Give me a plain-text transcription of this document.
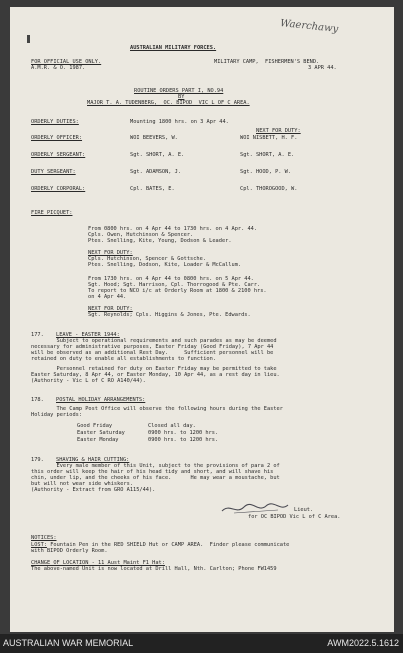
Waerchawy
AUSTRALIAN MILITARY FORCES.
FOR OFFICIAL USE ONLY.
A.M.R. & O. 1987.
MILITARY CAMP,  FISHERMEN'S BEND.
3 APR 44.
ROUTINE ORDERS PART I, NO.94
BY
MAJOR T. A. TUDENBERG,  OC. BIPOD  VIC L OF C AREA.
ORDERLY DUTIES:	Mounting 1800 hrs. on 3 Apr 44.
NEXT FOR DUTY:
ORDERLY OFFICER:	WOI BEEVERS, W.	WOI NISBETT, H. F.
ORDERLY SERGEANT:	Sgt. SHORT, A. E.	Sgt. SHORT, A. E.
DUTY SERGEANT:	Sgt. ADAMSON, J.	Sgt. HOOD, P. W.
ORDERLY CORPORAL:	Cpl. BATES, E.	Cpl. THOROGOOD, W.
FIRE PICQUET:
From 0800 hrs. on 4 Apr 44 to 1730 hrs. on 4 Apr. 44.
Cpls. Owen, Hutchinson & Spencer.
Ptes. Snelling, Kite, Young, Dodson & Leader.
NEXT FOR DUTY:
Cpls. Hutchinson, Spencer & Gottsche.
Ptes. Snelling, Dodson, Kite, Loader & McCallum.
From 1730 hrs. on 4 Apr 44 to 0800 hrs. on 5 Apr 44.
Sgt. Hood; Sgt. Harrison, Cpl. Thorrogood & Pte. Carr.
To report to NCO i/c at Orderly Room at 1800 & 2100 hrs.
on 4 Apr 44.
NEXT FOR DUTY:
Sgt. Reynolds; Cpls. Higgins & Jones, Pte. Edwards.
177. LEAVE - EASTER 1944:
Subject to operational requirements and such parades as may be deemed
necessary for administrative purposes, Easter Friday (Good Friday), 7 Apr 44
will be observed as an additional Rest Day.     Sufficient personnel will be
retained on duty to enable all establishments to function.
Personnel retained for duty on Easter Friday may be permitted to take
Easter Saturday, 8 Apr 44, or Easter Monday, 10 Apr 44, as a rest day in lieu.
(Authority - Vic L of C RO A140/44).
178. POSTAL HOLIDAY ARRANGEMENTS:
The Camp Post Office will observe the following hours during the Easter
Holiday periods:
Good Friday	Closed all day.
Easter Saturday	0900 hrs. to 1200 hrs.
Easter Monday	0900 hrs. to 1200 hrs.
179. SHAVING & HAIR CUTTING:
Every male member of this Unit, subject to the provisions of para 2 of
this order will keep the hair of his head tidy and short, and will shave his
chin, under lip, and the cheeks of his face.      He may wear a moustache, but
but will not wear side whiskers.
(Authority - Extract from GRO A115/44).
Lieut.
for OC BIPOD Vic L of C Area.
NOTICES:
LOST: Fountain Pen in the RED SHIELD Hut or CAMP AREA.  Finder please communicate
with BIPOD Orderly Room.
CHANGE OF LOCATION - 11 Aust Maint F1 Hat:
The above-named Unit is now located at Drill Hall, Nth. Carlton; Phone FW1459
AUSTRALIAN WAR MEMORIAL	AWM2022.5.1612
